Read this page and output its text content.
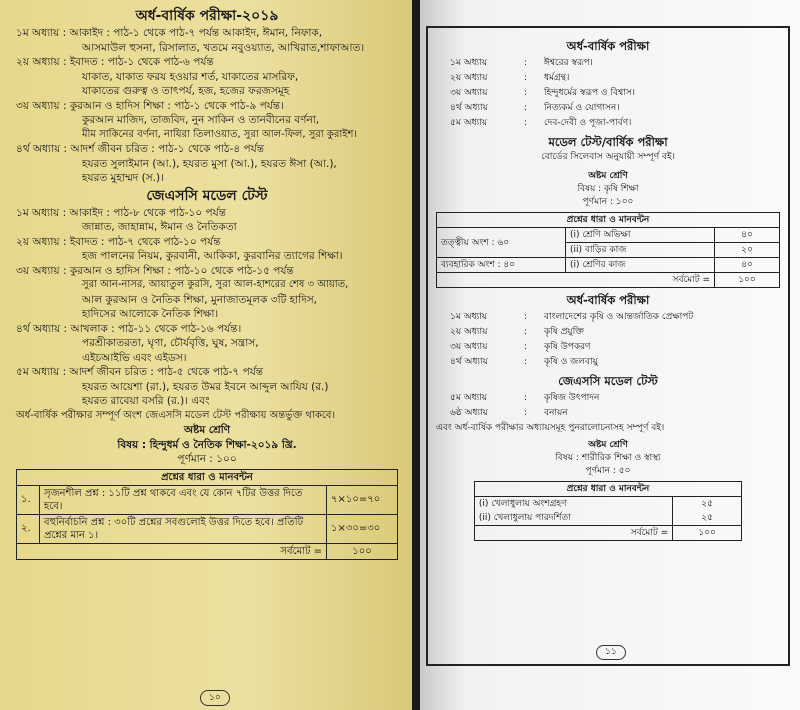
অর্ধ-বার্ষিক পরীক্ষা-২০১৯
১ম অধ্যায় :
আকাইদ : পাঠ-১ থেকে পাঠ-৭ পর্যন্ত আকাইদ, ঈমান, নিফাক,
আসমাউল হুসনা, রিসালাত, খতমে নবুওয়্যাত, আখিরাত,শাফাআত।
২য় অধ্যায় :
ইবাদত : পাঠ-১ থেকে পাঠ-৬ পর্যন্ত
যাকাত, যাকাত ফরয হওয়ার শর্ত, যাকাতের মাসরিফ,
যাকাতের গুরুত্ব ও তাৎপর্য, হজ, হজের ফরজসমূহ
৩য় অধ্যায় :
কুরআন ও হাদিস শিক্ষা : পাঠ-১ থেকে পাঠ-৯ পর্যন্ত।
কুরআন মাজিদ, তাজবিদ, নুন সাকিন ও তানবীনের বর্ণনা,
মীম সাকিনের বর্ণনা, নাযিরা তিলাওয়াত, সুরা আল-ফিল, সুরা কুরাইশ।
৪র্থ অধ্যায় :
আদর্শ জীবন চরিত : পাঠ-১ থেকে পাঠ-৪ পর্যন্ত
হযরত সুলাইমান (আ.), হযরত মুসা (আ.), হযরত ঈসা (আ.),
হযরত মুহাম্মদ (স.)।
জেএসসি মডেল টেস্ট
১ম অধ্যায় :
আকাইদ : পাঠ-৮ থেকে পাঠ-১০ পর্যন্ত
জান্নাত, জাহান্নাম, ঈমান ও নৈতিকতা
২য় অধ্যায় :
ইবাদত : পাঠ-৭ থেকে পাঠ-১০ পর্যন্ত
হজ পালনের নিয়ম, কুরবানী, আকিকা, কুরবানির ত্যাগের শিক্ষা।
৩য় অধ্যায় :
কুরআন ও হাদিস শিক্ষা : পাঠ-১০ থেকে পাঠ-১৫ পর্যন্ত
সুরা আন-নাসর, আয়াতুল কুরসি, সুরা আল-হাশরের শেষ ৩ আয়াত,
আল কুরআন ও নৈতিক শিক্ষা, মুনাজাতমূলক ৩টি হাদিস,
হাদিসের আলোকে নৈতিক শিক্ষা।
৪র্থ অধ্যায় :
আখলাক : পাঠ-১১ থেকে পাঠ-১৬ পর্যন্ত।
পরশ্রীকাতরতা, ঘৃণা, চৌর্যবৃত্তি, ঘুষ, সন্ত্রাস,
এইচআইভি এবং এইডস।
৫ম অধ্যায় :
আদর্শ জীবন চরিত : পাঠ-৫ থেকে পাঠ-৭ পর্যন্ত
হযরত আয়েশা (রা.), হযরত উমর ইবনে আব্দুল আযিয (র.)
হযরত রাবেয়া বসরি (র.)। এবং
অর্ধ-বার্ষিক পরীক্ষার সম্পূর্ণ অংশ জেএসসি মডেল টেস্ট পরীক্ষায় অন্তর্ভুক্ত থাকবে।
অষ্টম শ্রেণি
বিষয় : হিন্দুধর্ম ও নৈতিক শিক্ষা-২০১৯ খ্রি.
পূর্ণমান : ১০০
প্রশ্নের ধারা ও মানবন্টন		
১.	সৃজনশীল প্রশ্ন : ১১টি প্রশ্ন থাকবে এবং যে কোন ৭টির উত্তর দিতে হবে।	৭×১০=৭০
২.	বহুনির্বাচনি প্রশ্ন : ৩০টি প্রশ্নের সবগুলোই উত্তর দিতে হবে। প্রতিটি প্রশ্নের মান ১।	১×৩০=৩০
সর্বমোট =		১০০
১০
অর্ধ-বার্ষিক পরীক্ষা
১ম অধ্যায়	:	ঈশ্বরের স্বরূপ।
২য় অধ্যায়	:	ধর্মগ্রন্থ।
৩য় অধ্যায়	:	হিন্দুধর্মের স্বরূপ ও বিশ্বাস।
৪র্থ অধ্যায়	:	নিত্যকর্ম ও যোগাসন।
৫ম অধ্যায়	:	দেব-দেবী ও পূজা-পার্বণ।
মডেল টেস্ট/বার্ষিক পরীক্ষা
বোর্ডের সিলেবাস অনুযায়ী সম্পূর্ণ বই।
অষ্টম শ্রেণি
বিষয় : কৃষি শিক্ষা
পূর্ণমান : ১০০
প্রশ্নের ধারা ও মানবন্টন		
তত্ত্বীয় অংশ : ৬০	(i) শ্রেণি অভিক্ষা	৪০
	(ii) বাড়ির কাজ	২০
ব্যবহারিক অংশ : ৪০	(i) শ্রেণির কাজ	৪০
সর্বমোট =		১০০
অর্ধ-বার্ষিক পরীক্ষা
১ম অধ্যায়	:	বাংলাদেশের কৃষি ও আন্তর্জাতিক প্রেক্ষাপট
২য় অধ্যায়	:	কৃষি প্রযুক্তি
৩য় অধ্যায়	:	কৃষি উপকরণ
৪র্থ অধ্যায়	:	কৃষি ও জলবায়ু
জেএসসি মডেল টেস্ট
৫ম অধ্যায়	:	কৃষিজ উৎপাদন
৬ষ্ঠ অধ্যায়	:	বনায়ন
এবং অর্ধ-বার্ষিক পরীক্ষার অধ্যায়সমূহ পুনরালোচনাসহ সম্পূর্ণ বই।
অষ্টম শ্রেণি
বিষয় : শারীরিক শিক্ষা ও স্বাস্থ্য
পূর্ণমান : ৫০
প্রশ্নের ধারা ও মানবন্টন	
(i) খেলাধুলায় অংশগ্রহণ	২৫
(ii) খেলাধুলায় পারদর্শিতা	২৫
সর্বমোট =	১০০
১১
